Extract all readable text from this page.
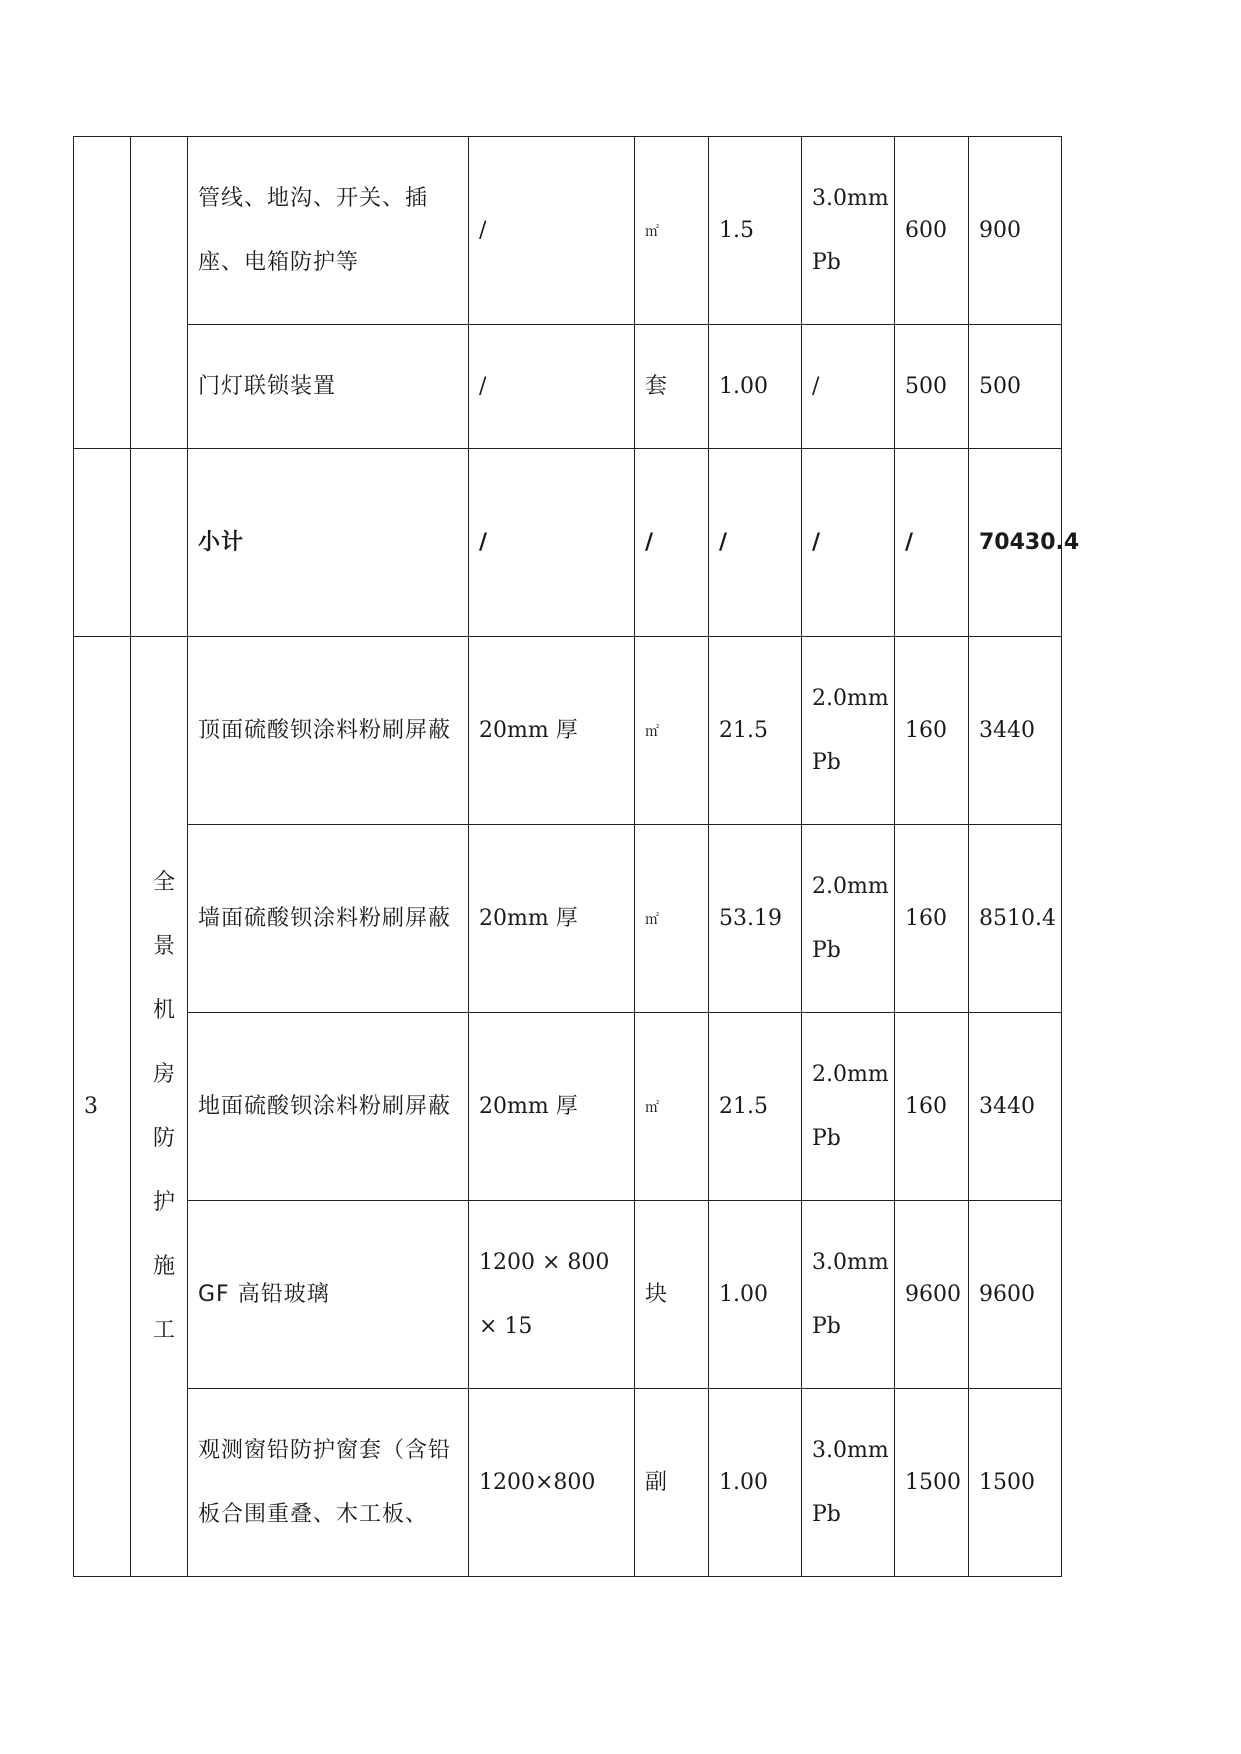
		管线、地沟、开关、插座、电箱防护等	/	㎡	1.5	3.0mm Pb	600	900
		门灯联锁装置	/	套	1.00	/	500	500
		小计	/	/	/	/	/	70430.4
3	全景机房防护施工	顶面硫酸钡涂料粉刷屏蔽	20mm 厚	㎡	21.5	2.0mm Pb	160	3440
		墙面硫酸钡涂料粉刷屏蔽	20mm 厚	㎡	53.19	2.0mm Pb	160	8510.4
		地面硫酸钡涂料粉刷屏蔽	20mm 厚	㎡	21.5	2.0mm Pb	160	3440
		GF 高铅玻璃	1200 × 800 × 15	块	1.00	3.0mm Pb	9600	9600
		观测窗铅防护窗套（含铅板合围重叠、木工板、	1200×800	副	1.00	3.0mm Pb	1500	1500
